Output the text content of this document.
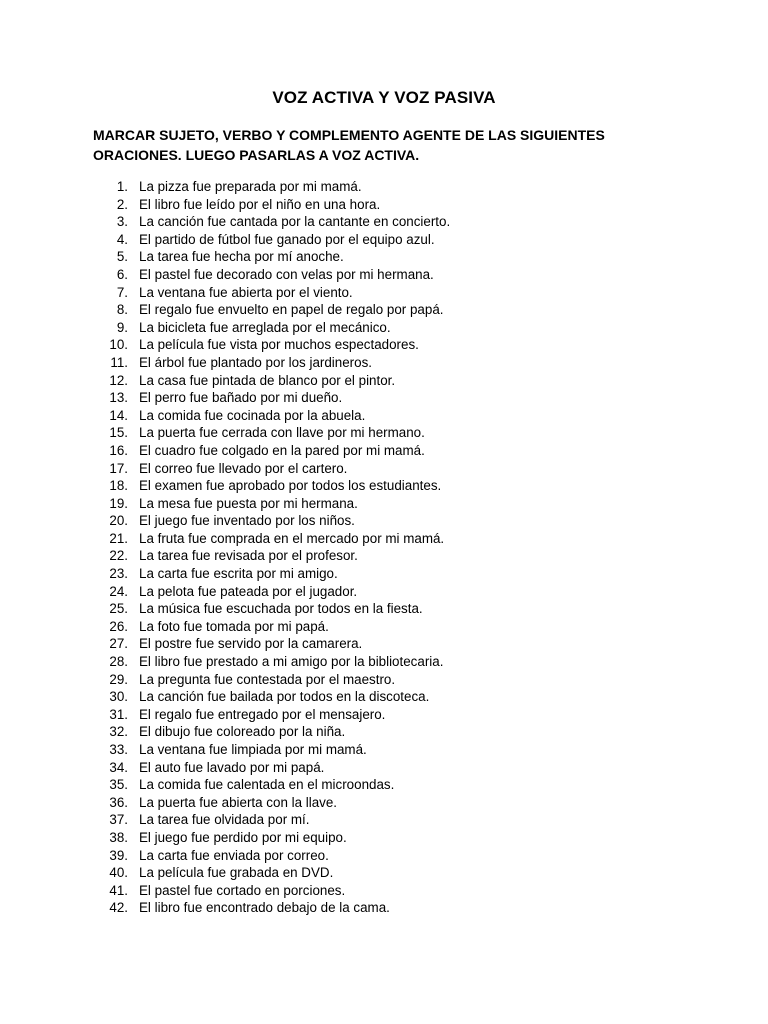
VOZ ACTIVA Y VOZ PASIVA
MARCAR SUJETO, VERBO Y COMPLEMENTO AGENTE DE LAS SIGUIENTES ORACIONES. LUEGO PASARLAS A VOZ ACTIVA.
1. La pizza fue preparada por mi mamá.
2. El libro fue leído por el niño en una hora.
3. La canción fue cantada por la cantante en concierto.
4. El partido de fútbol fue ganado por el equipo azul.
5. La tarea fue hecha por mí anoche.
6. El pastel fue decorado con velas por mi hermana.
7. La ventana fue abierta por el viento.
8. El regalo fue envuelto en papel de regalo por papá.
9. La bicicleta fue arreglada por el mecánico.
10. La película fue vista por muchos espectadores.
11. El árbol fue plantado por los jardineros.
12. La casa fue pintada de blanco por el pintor.
13. El perro fue bañado por mi dueño.
14. La comida fue cocinada por la abuela.
15. La puerta fue cerrada con llave por mi hermano.
16. El cuadro fue colgado en la pared por mi mamá.
17. El correo fue llevado por el cartero.
18. El examen fue aprobado por todos los estudiantes.
19. La mesa fue puesta por mi hermana.
20. El juego fue inventado por los niños.
21. La fruta fue comprada en el mercado por mi mamá.
22. La tarea fue revisada por el profesor.
23. La carta fue escrita por mi amigo.
24. La pelota fue pateada por el jugador.
25. La música fue escuchada por todos en la fiesta.
26. La foto fue tomada por mi papá.
27. El postre fue servido por la camarera.
28. El libro fue prestado a mi amigo por la bibliotecaria.
29. La pregunta fue contestada por el maestro.
30. La canción fue bailada por todos en la discoteca.
31. El regalo fue entregado por el mensajero.
32. El dibujo fue coloreado por la niña.
33. La ventana fue limpiada por mi mamá.
34. El auto fue lavado por mi papá.
35. La comida fue calentada en el microondas.
36. La puerta fue abierta con la llave.
37. La tarea fue olvidada por mí.
38. El juego fue perdido por mi equipo.
39. La carta fue enviada por correo.
40. La película fue grabada en DVD.
41. El pastel fue cortado en porciones.
42. El libro fue encontrado debajo de la cama.
